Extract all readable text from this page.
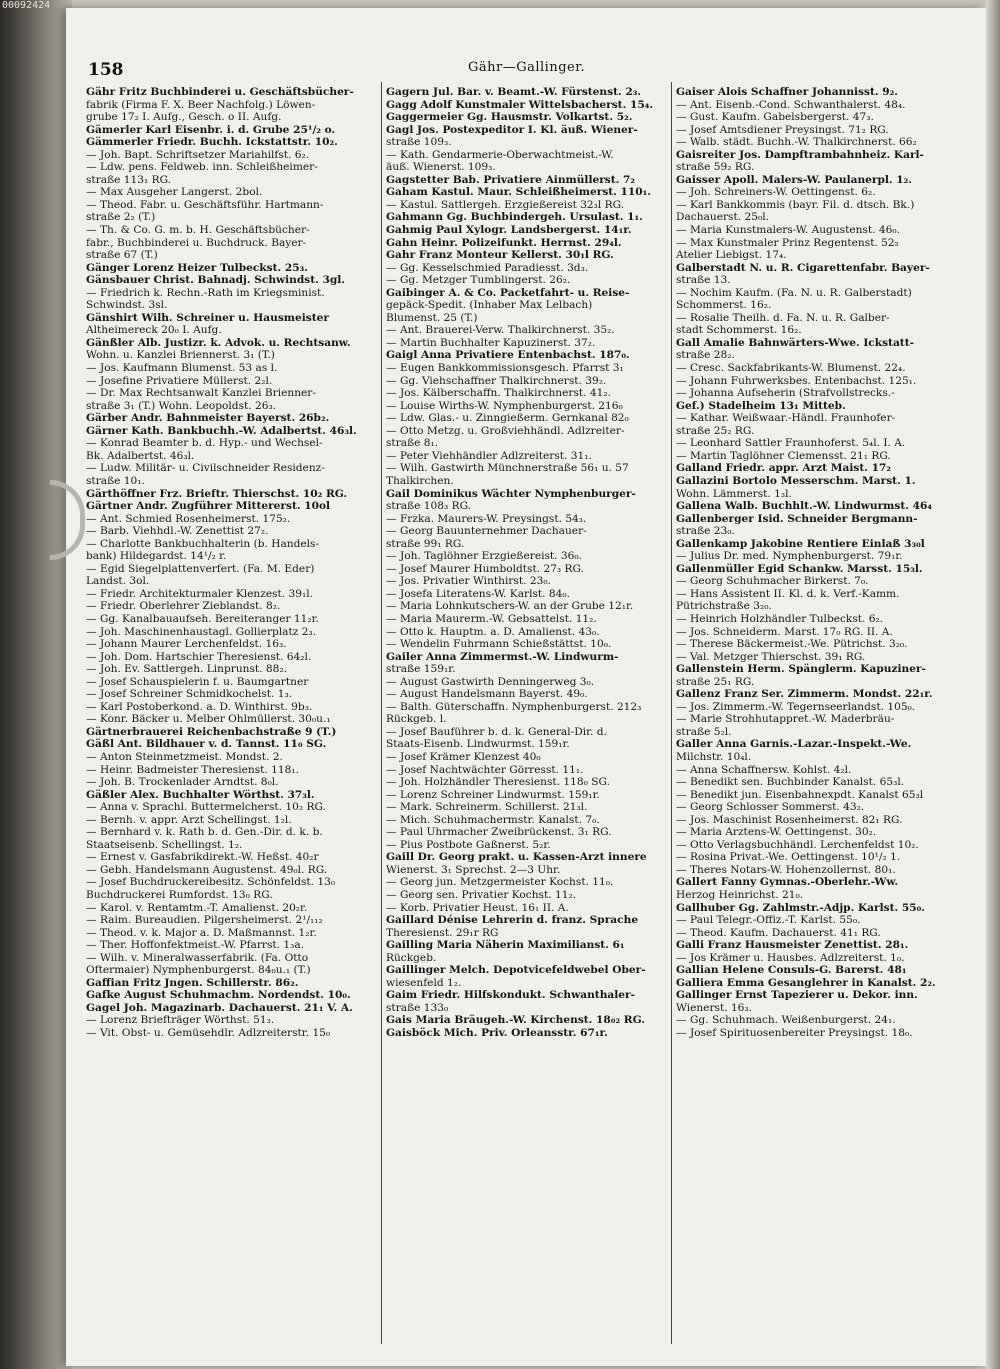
00092424
158	Gähr—Gallinger.
Gähr Fritz Buchbinderei u. Geschäftsbücher-
fabrik (Firma F. X. Beer Nachfolg.) Löwen-
grube 17₂ I. Aufg., Gesch. o II. Aufg.
Gämerler Karl Eisenbr. i. d. Grube 25¹/₂ o.
Gämmerler Friedr. Buchh. Ickstattstr. 10₂.
— Joh. Bapt. Schriftsetzer Mariahilfst. 6₂.
— Ldw. pens. Feldweb. inn. Schleißheimer-
straße 113₁ RG.
— Max Ausgeher Langerst. 2bol.
— Theod. Fabr. u. Geschäftsführ. Hartmann-
straße 2₂ (T.)
— Th. & Co. G. m. b. H. Geschäftsbücher-
fabr., Buchbinderei u. Buchdruck. Bayer-
straße 67 (T.)
Gänger Lorenz Heizer Tulbeckst. 25₃.
Gänsbauer Christ. Bahnadj. Schwindst. 3gl.
— Friedrich k. Rechn.-Rath im Kriegsminist.
Schwindst. 3sl.
Gänshirt Wilh. Schreiner u. Hausmeister
Altheimereck 20₀ I. Aufg.
Gänßler Alb. Justizr. k. Advok. u. Rechtsanw.
Wohn. u. Kanzlei Briennerst. 3₁ (T.)
— Jos. Kaufmann Blumenst. 53 as l.
— Josefine Privatiere Müllerst. 2₂l.
— Dr. Max Rechtsanwalt Kanzlei Brienner-
straße 3₁ (T.) Wohn. Leopoldst. 26₃.
Gärber Andr. Bahnmeister Bayerst. 26b₂.
Gärner Kath. Bankbuchh.-W. Adalbertst. 46₃l.
— Konrad Beamter b. d. Hyp.- und Wechsel-
Bk. Adalbertst. 46₃l.
— Ludw. Militär- u. Civilschneider Residenz-
straße 10₁.
Gärthöffner Frz. Brieftr. Thierschst. 10₂ RG.
Gärtner Andr. Zugführer Mittererst. 10ol
— Ant. Schmied Rosenheimerst. 175₂.
— Barb. Viehhdl.-W. Zenettist 27₂.
— Charlotte Bankbuchhalterin (b. Handels-
bank) Hildegardst. 14¹/₂ r.
— Egid Siegelplattenverfert. (Fa. M. Eder)
Landst. 3ol.
— Friedr. Architekturmaler Klenzest. 39₁l.
— Friedr. Oberlehrer Zieblandst. 8₂.
— Gg. Kanalbauaufseh. Bereiteranger 11₂r.
— Joh. Maschinenhaustagl. Gollierplatz 2₃.
— Johann Maurer Lerchenfeldst. 16₃.
— Joh. Dom. Hartschier Theresienst. 64₂l.
— Joh. Ev. Sattlergeh. Linprunst. 88₂.
— Josef Schauspielerin f. u. Baumgartner
— Josef Schreiner Schmidkochelst. 1₃.
— Karl Postoberkond. a. D. Winthirst. 9b₃.
— Konr. Bäcker u. Melber Ohlmüllerst. 30₀u.₁
Gärtnerbrauerei Reichenbachstraße 9 (T.)
Gäßl Ant. Bildhauer v. d. Tannst. 11₀ SG.
— Anton Steinmetzmeist. Mondst. 2.
— Heinr. Badmeister Theresienst. 118₁.
— Joh. B. Trockenlader Arndtst. 8₀l.
Gäßler Alex. Buchhalter Wörthst. 37₃l.
— Anna v. Sprachl. Buttermelcherst. 10₂ RG.
— Bernh. v. appr. Arzt Schellingst. 1₂l.
— Bernhard v. k. Rath b. d. Gen.-Dir. d. k. b.
Staatseisenb. Schellingst. 1₂.
— Ernest v. Gasfabrikdirekt.-W. Heßst. 40₂r
— Gebh. Handelsmann Augustenst. 49₀l. RG.
— Josef Buchdruckereibesitz. Schönfeldst. 13₀
Buchdruckerei Rumfordst. 13₀ RG.
— Karol. v. Rentamtm.-T. Amalienst. 20₂r.
— Raim. Bureaudien. Pilgersheimerst. 2¹/₁₁₂
— Theod. v. k. Major a. D. Maßmannst. 1₂r.
— Ther. Hoffonfektmeist.-W. Pfarrst. 1₃a.
— Wilh. v. Mineralwasserfabrik. (Fa. Otto
Oftermaier) Nymphenburgerst. 84₀u.₁ (T.)
Gaffian Fritz Jngen. Schillerstr. 86₂.
Gafke August Schuhmachm. Nordendst. 10₀.
Gagel Joh. Magazinarb. Dachauerst. 21₁ V. A.
— Lorenz Briefträger Wörthst. 51₃.
— Vit. Obst- u. Gemüsehdlr. Adlzreiterstr. 15₀
Gagern Jul. Bar. v. Beamt.-W. Fürstenst. 2₃.
Gagg Adolf Kunstmaler Wittelsbacherst. 15₄.
Gaggermeier Gg. Hausmstr. Volkartst. 5₂.
Gagl Jos. Postexpeditor I. Kl. äuß. Wiener-
straße 109₃.
— Kath. Gendarmerie-Oberwachtmeist.-W.
äuß. Wienerst. 109₃.
Gagstetter Bab. Privatiere Ainmüllerst. 7₂
Gaham Kastul. Maur. Schleißheimerst. 110₁.
— Kastul. Sattlergeh. Erzgießereist 32₃l RG.
Gahmann Gg. Buchbindergeh. Ursulast. 1₁.
Gahmig Paul Xylogr. Landsbergerst. 14₁r.
Gahn Heinr. Polizeifunkt. Herrnst. 29₄l.
Gahr Franz Monteur Kellerst. 30₁l RG.
— Gg. Kesselschmied Paradiesst. 3d₃.
— Gg. Metzger Tumblingerst. 26₂.
Gaibinger A. & Co. Packetfahrt- u. Reise-
gepäck-Spedit. (Inhaber Max Lelbach)
Blumenst. 25 (T.)
— Ant. Brauerei-Verw. Thalkirchnerst. 35₂.
— Martin Buchhalter Kapuzinerst. 37₂.
Gaigl Anna Privatiere Entenbachst. 187₀.
— Eugen Bankkommissionsgesch. Pfarrst 3₁
— Gg. Viehschaffner Thalkirchnerst. 39₂.
— Jos. Kälberschaffn. Thalkirchnerst. 41₂.
— Louise Wirths-W. Nymphenburgerst. 216₀
— Ldw. Glas.- u. Zinngießerm. Gernkanal 82₀
— Otto Metzg. u. Großviehhändl. Adlzreiter-
straße 8₁.
— Peter Viehhändler Adlzreiterst. 31₁.
— Wilh. Gastwirth Münchnerstraße 56₁ u. 57
Thalkirchen.
Gail Dominikus Wächter Nymphenburger-
straße 108₃ RG.
— Frzka. Maurers-W. Preysingst. 54₃.
— Georg Bauunternehmer Dachauer-
straße 99₁ RG.
— Joh. Taglöhner Erzgießereist. 36₀.
— Josef Maurer Humboldtst. 27₃ RG.
— Jos. Privatier Winthirst. 23₀.
— Josefa Literatens-W. Karlst. 84₀.
— Maria Lohnkutschers-W. an der Grube 12₁r.
— Maria Maurerm.-W. Gebsattelst. 11₂.
— Otto k. Hauptm. a. D. Amalienst. 43₀.
— Wendelin Fuhrmann Schießstättst. 10₀.
Gailer Anna Zimmermst.-W. Lindwurm-
straße 159₁r.
— August Gastwirth Denningerweg 3₀.
— August Handelsmann Bayerst. 49₀.
— Balth. Güterschaffn. Nymphenburgerst. 212₃
Rückgeb. l.
— Josef Bauführer b. d. k. General-Dir. d.
Staats-Eisenb. Lindwurmst. 159₁r.
— Josef Krämer Klenzest 40₀
— Josef Nachtwächter Görresst. 11₁.
— Joh. Holzhändler Theresienst. 118₀ SG.
— Lorenz Schreiner Lindwurmst. 159₁r.
— Mark. Schreinerm. Schillerst. 21₃l.
— Mich. Schuhmachermstr. Kanalst. 7₀.
— Paul Uhrmacher Zweibrückenst. 3₁ RG.
— Pius Postbote Gaßnerst. 5₂r.
Gaill Dr. Georg prakt. u. Kassen-Arzt innere
Wienerst. 3₁ Sprechst. 2—3 Uhr.
— Georg jun. Metzgermeister Kochst. 11₀.
— Georg sen. Privatier Kochst. 11₂.
— Korb. Privatier Heust. 16₁ II. A.
Gaillard Dénise Lehrerin d. franz. Sprache
Theresienst. 29₁r RG
Gailling Maria Näherin Maximilianst. 6₁
Rückgeb.
Gaillinger Melch. Depotvicefeldwebel Ober-
wiesenfeld 1₂.
Gaim Friedr. Hilfskondukt. Schwanthaler-
straße 133₀
Gais Maria Bräugeh.-W. Kirchenst. 18₀₂ RG.
Gaisböck Mich. Priv. Orleansstr. 67₁r.
Gaiser Alois Schaffner Johannisst. 9₂.
— Ant. Eisenb.-Cond. Schwanthalerst. 48₄.
— Gust. Kaufm. Gabelsbergerst. 47₃.
— Josef Amtsdiener Preysingst. 71₂ RG.
— Walb. städt. Buchh.-W. Thalkirchnerst. 66₂
Gaisreiter Jos. Dampftrambahnheiz. Karl-
straße 59₂ RG.
Gaisser Apoll. Malers-W. Paulanerpl. 1₂.
— Joh. Schreiners-W. Oettingenst. 6₂.
— Karl Bankkommis (bayr. Fil. d. dtsch. Bk.)
Dachauerst. 25₀l.
— Maria Kunstmalers-W. Augustenst. 46₀.
— Max Kunstmaler Prinz Regentenst. 52₂
Atelier Liebigst. 17₄.
Galberstadt N. u. R. Cigarettenfabr. Bayer-
straße 13.
— Nochim Kaufm. (Fa. N. u. R. Galberstadt)
Schommerst. 16₂.
— Rosalie Theilh. d. Fa. N. u. R. Galber-
stadt Schommerst. 16₂.
Gall Amalie Bahnwärters-Wwe. Ickstatt-
straße 28₂.
— Cresc. Sackfabrikants-W. Blumenst. 22₄.
— Johann Fuhrwerksbes. Entenbachst. 125₁.
— Johanna Aufseherin (Strafvollstrecks.-
Gef.) Stadelheim 13₁ Mitteb.
— Kathar. Weißwaar.-Händl. Fraunhofer-
straße 25₂ RG.
— Leonhard Sattler Fraunhoferst. 5₄l. I. A.
— Martin Taglöhner Clemensst. 21₁ RG.
Galland Friedr. appr. Arzt Maist. 17₂
Gallazini Bortolo Messerschm. Marst. 1.
Wohn. Lämmerst. 1₃l.
Gallena Walb. Buchhlt.-W. Lindwurmst. 46₄
Gallenberger Isid. Schneider Bergmann-
straße 23₀.
Gallenkamp Jakobine Rentiere Einlaß 3₃₀l
— Julius Dr. med. Nymphenburgerst. 79₁r.
Gallenmüller Egid Schankw. Marsst. 15₃l.
— Georg Schuhmacher Birkerst. 7₀.
— Hans Assistent II. Kl. d. k. Verf.-Kamm.
Pütrichstraße 3₂₀.
— Heinrich Holzhändler Tulbeckst. 6₂.
— Jos. Schneiderm. Marst. 17₀ RG. II. A.
— Therese Bäckermeist.-We. Pütrichst. 3₂₀.
— Val. Metzger Thierschst. 39₁ RG.
Gallenstein Herm. Spänglerm. Kapuziner-
straße 25₁ RG.
Gallenz Franz Ser. Zimmerm. Mondst. 22₁r.
— Jos. Zimmerm.-W. Tegernseerlandst. 105₀.
— Marie Strohhutappret.-W. Maderbräu-
straße 5₂l.
Galler Anna Garnis.-Lazar.-Inspekt.-We.
Milchstr. 10₄l.
— Anna Schaffnersw. Kohlst. 4₂l.
— Benedikt sen. Buchbinder Kanalst. 65₃l.
— Benedikt jun. Eisenbahnexpdt. Kanalst 65₃l
— Georg Schlosser Sommerst. 43₂.
— Jos. Maschinist Rosenheimerst. 82₁ RG.
— Maria Arztens-W. Oettingenst. 30₂.
— Otto Verlagsbuchhändl. Lerchenfeldst 10₂.
— Rosina Privat.-We. Oettingenst. 10¹/₂ 1.
— Theres Notars-W. Hohenzollernst. 80₁.
Gallert Fanny Gymnas.-Oberlehr.-Ww.
Herzog Heinrichst. 21₀.
Gallhuber Gg. Zahlmstr.-Adjp. Karlst. 55₀.
— Paul Telegr.-Offiz.-T. Karlst. 55₀.
— Theod. Kaufm. Dachauerst. 41₁ RG.
Galli Franz Hausmeister Zenettist. 28₁.
— Jos Krämer u. Hausbes. Adlzreiterst. 1₀.
Gallian Helene Consuls-G. Barerst. 48₁
Galliera Emma Gesanglehrer in Kanalst. 2₂.
Gallinger Ernst Tapezierer u. Dekor. inn.
Wienerst. 16₃.
— Gg. Schuhmach. Weißenburgerst. 24₁.
— Josef Spirituosenbereiter Preysingst. 18₀.
